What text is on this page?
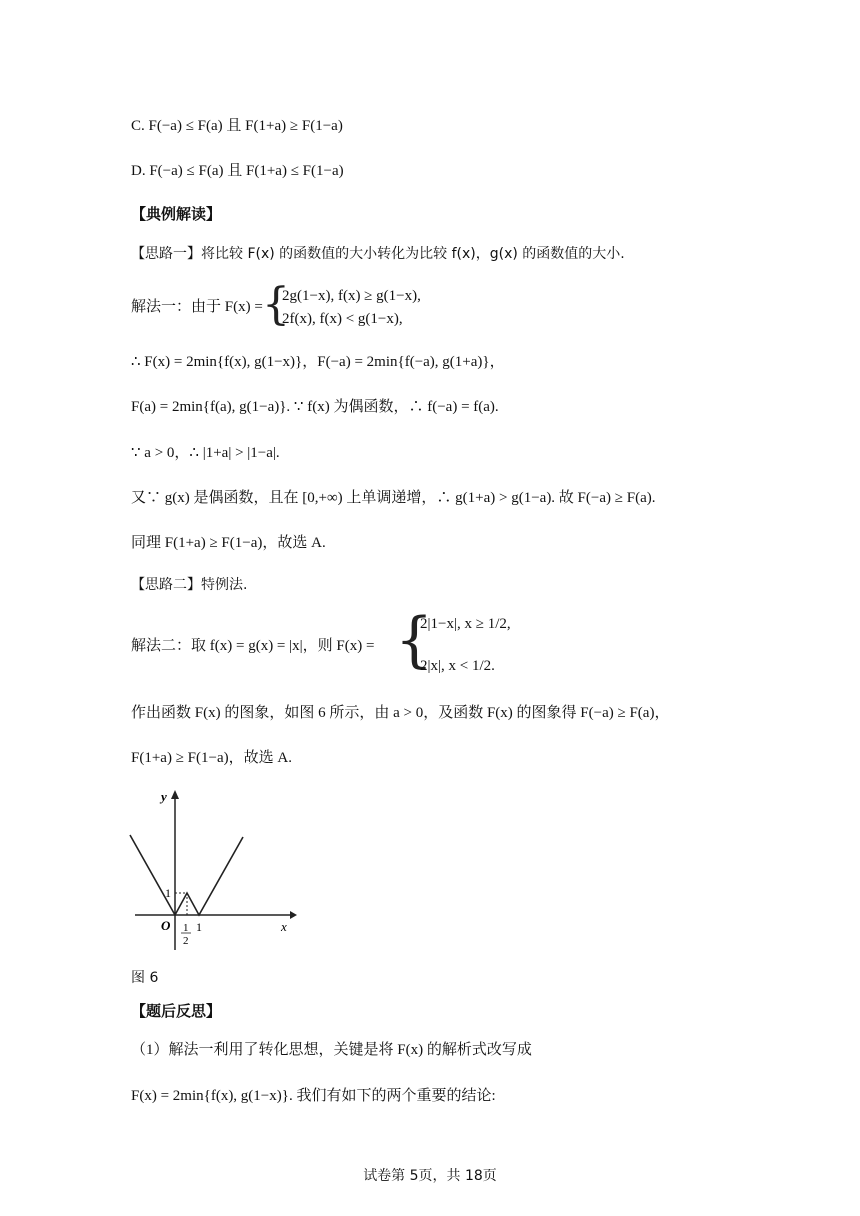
C. F(−a) ≤ F(a) 且 F(1+a) ≥ F(1−a)
D. F(−a) ≤ F(a) 且 F(1+a) ≤ F(1−a)
【典例解读】
【思路一】将比较 F(x) 的函数值的大小转化为比较 f(x)，g(x) 的函数值的大小.
解法一：由于 F(x) = {
2g(1−x), f(x) ≥ g(1−x),
2f(x), f(x) < g(1−x),
∴ F(x) = 2min{f(x), g(1−x)}，F(−a) = 2min{f(−a), g(1+a)}，
F(a) = 2min{f(a), g(1−a)}. ∵ f(x) 为偶函数，∴ f(−a) = f(a).
∵ a > 0，∴ |1+a| > |1−a|.
又∵ g(x) 是偶函数，且在 [0,+∞) 上单调递增，∴ g(1+a) > g(1−a). 故 F(−a) ≥ F(a).
同理 F(1+a) ≥ F(1−a)，故选 A.
【思路二】特例法.
解法二：取 f(x) = g(x) = |x|，则 F(x) = {
2|1−x|, x ≥ 1/2,
2|x|, x < 1/2.
作出函数 F(x) 的图象，如图 6 所示，由 a > 0，及函数 F(x) 的图象得 F(−a) ≥ F(a)，
F(1+a) ≥ F(1−a)，故选 A.
y
x
O
1
1
2
1
图 6
【题后反思】
（1）解法一利用了转化思想，关键是将 F(x) 的解析式改写成
F(x) = 2min{f(x), g(1−x)}. 我们有如下的两个重要的结论:
试卷第 5页，共 18页
